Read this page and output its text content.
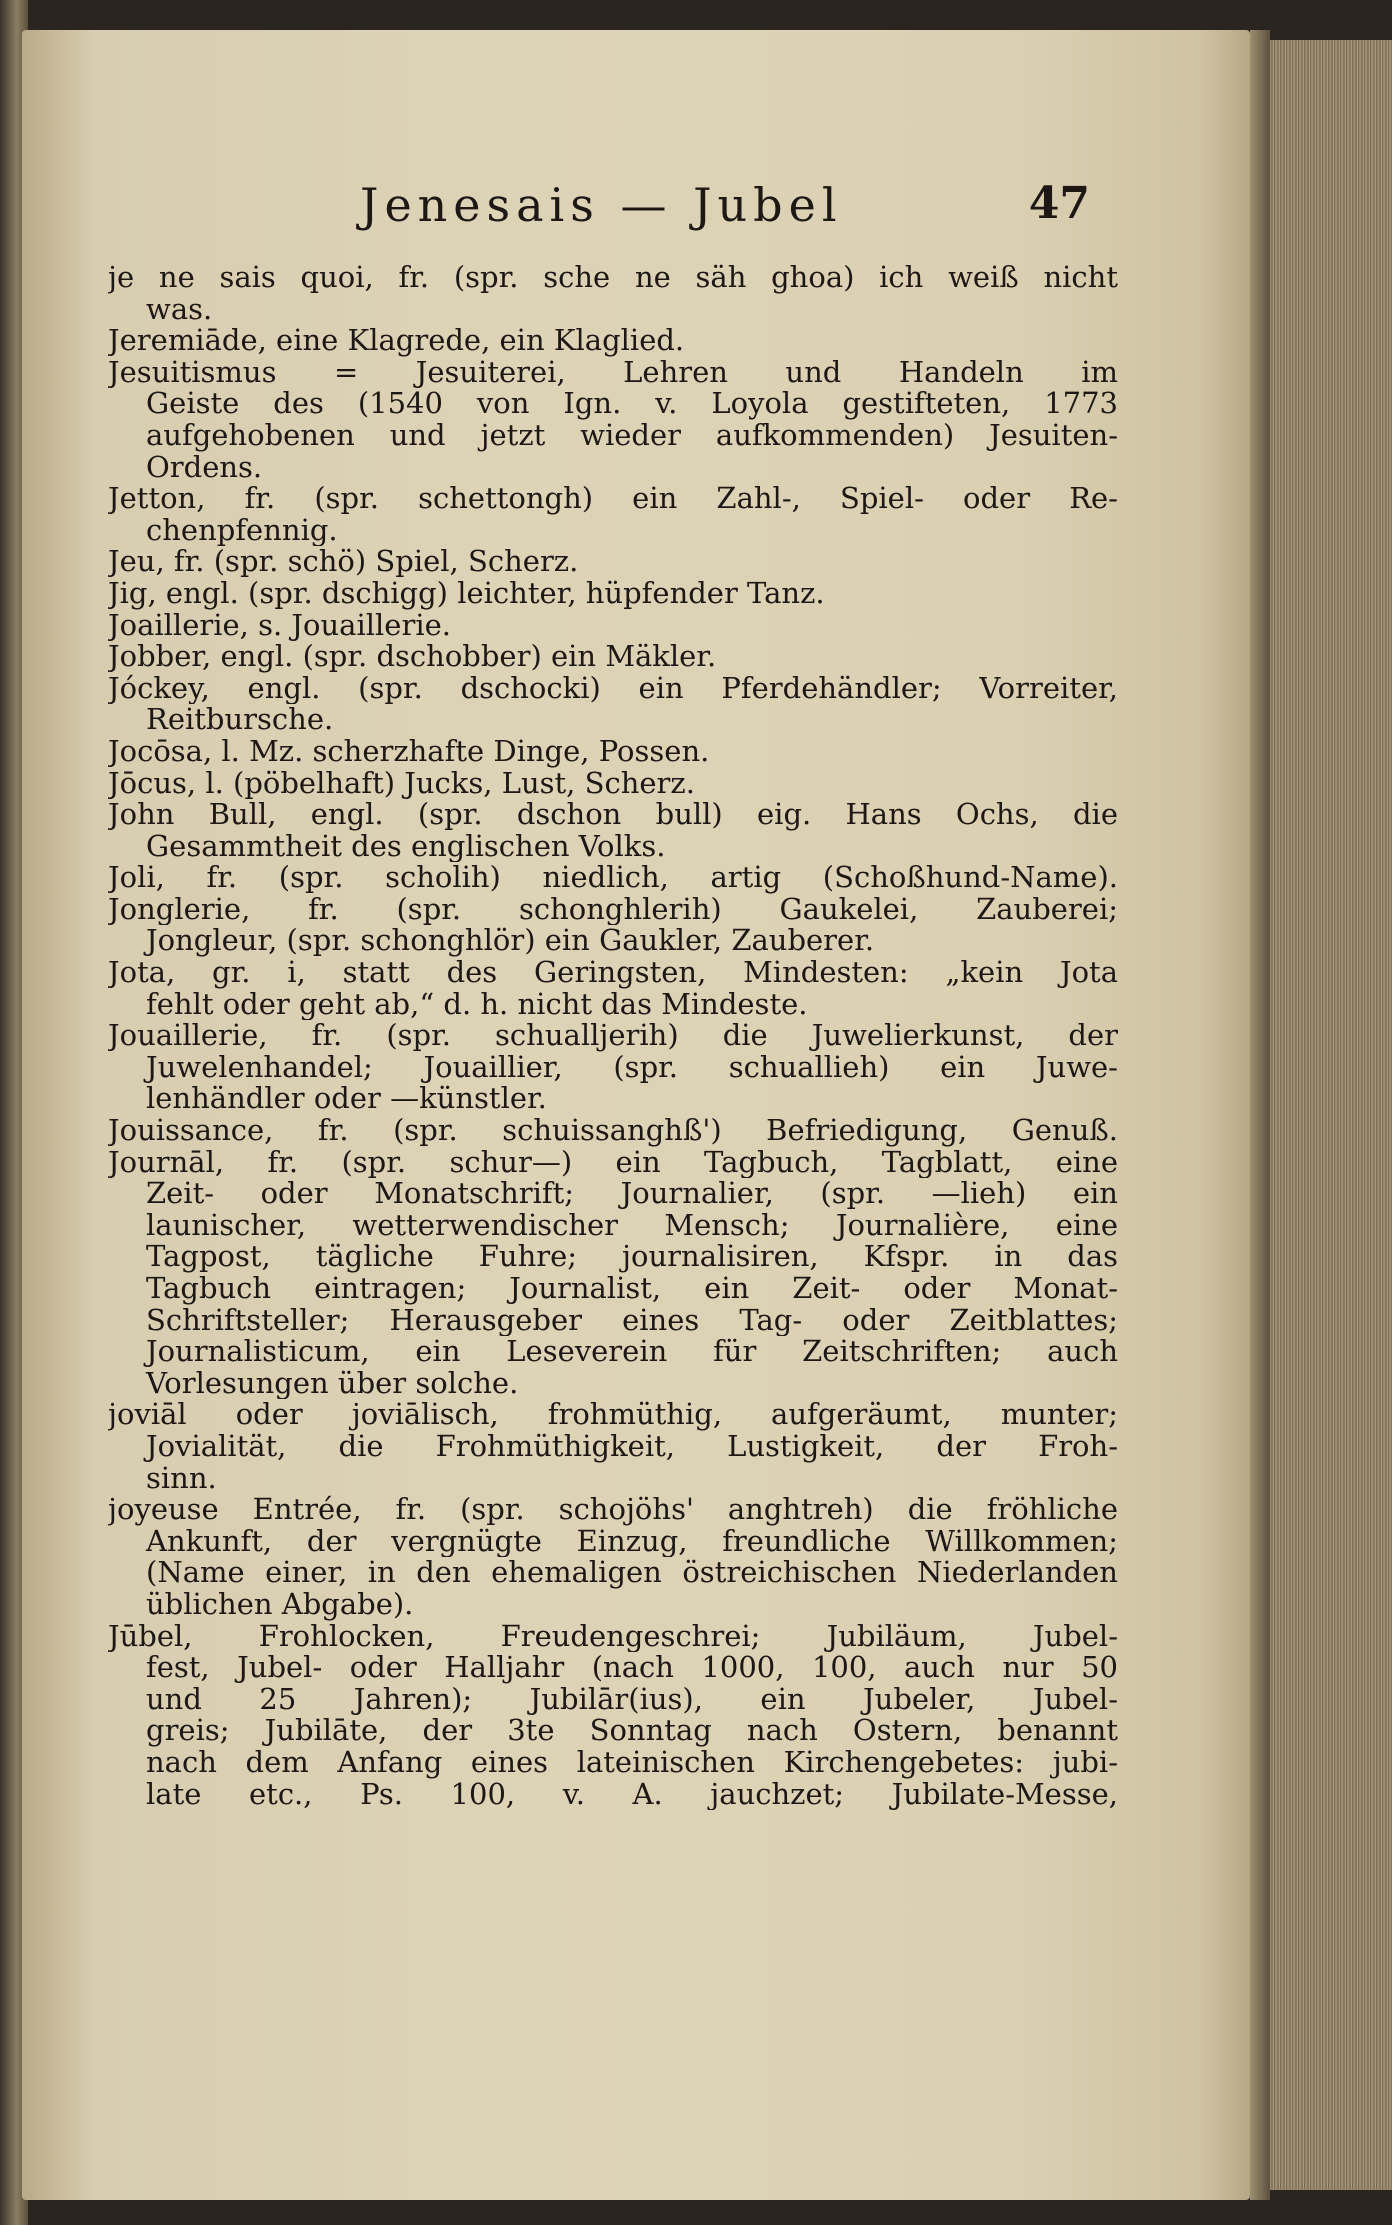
Jenesais — Jubel	47
je ne sais quoi, fr. (spr. sche ne säh ghoa) ich weiß nicht
was.
Jeremiāde, eine Klagrede, ein Klaglied.
Jesuitismus = Jesuiterei, Lehren und Handeln im
Geiste des (1540 von Ign. v. Loyola gestifteten, 1773
aufgehobenen und jetzt wieder aufkommenden) Jesuiten-
Ordens.
Jetton, fr. (spr. schettongh) ein Zahl-, Spiel- oder Re-
chenpfennig.
Jeu, fr. (spr. schö) Spiel, Scherz.
Jig, engl. (spr. dschigg) leichter, hüpfender Tanz.
Joaillerie, s. Jouaillerie.
Jobber, engl. (spr. dschobber) ein Mäkler.
Jóckey, engl. (spr. dschocki) ein Pferdehändler; Vorreiter,
Reitbursche.
Jocōsa, l. Mz. scherzhafte Dinge, Possen.
Jōcus, l. (pöbelhaft) Jucks, Lust, Scherz.
John Bull, engl. (spr. dschon bull) eig. Hans Ochs, die
Gesammtheit des englischen Volks.
Joli, fr. (spr. scholih) niedlich, artig (Schoßhund-Name).
Jonglerie, fr. (spr. schonghlerih) Gaukelei, Zauberei;
Jongleur, (spr. schonghlör) ein Gaukler, Zauberer.
Jota, gr. i, statt des Geringsten, Mindesten: „kein Jota
fehlt oder geht ab,“ d. h. nicht das Mindeste.
Jouaillerie, fr. (spr. schualljerih) die Juwelierkunst, der
Juwelenhandel; Jouaillier, (spr. schuallieh) ein Juwe-
lenhändler oder —künstler.
Jouissance, fr. (spr. schuissanghß') Befriedigung, Genuß.
Journāl, fr. (spr. schur—) ein Tagbuch, Tagblatt, eine
Zeit- oder Monatschrift; Journalier, (spr. —lieh) ein
launischer, wetterwendischer Mensch; Journalière, eine
Tagpost, tägliche Fuhre; journalisiren, Kfspr. in das
Tagbuch eintragen; Journalist, ein Zeit- oder Monat-
Schriftsteller; Herausgeber eines Tag- oder Zeitblattes;
Journalisticum, ein Leseverein für Zeitschriften; auch
Vorlesungen über solche.
joviāl oder joviālisch, frohmüthig, aufgeräumt, munter;
Jovialität, die Frohmüthigkeit, Lustigkeit, der Froh-
sinn.
joyeuse Entrée, fr. (spr. schojöhs' anghtreh) die fröhliche
Ankunft, der vergnügte Einzug, freundliche Willkommen;
(Name einer, in den ehemaligen östreichischen Niederlanden
üblichen Abgabe).
Jūbel, Frohlocken, Freudengeschrei; Jubiläum, Jubel-
fest, Jubel- oder Halljahr (nach 1000, 100, auch nur 50
und 25 Jahren); Jubilār(ius), ein Jubeler, Jubel-
greis; Jubilāte, der 3te Sonntag nach Ostern, benannt
nach dem Anfang eines lateinischen Kirchengebetes: jubi-
late etc., Ps. 100, v. A. jauchzet; Jubilate-Messe,
